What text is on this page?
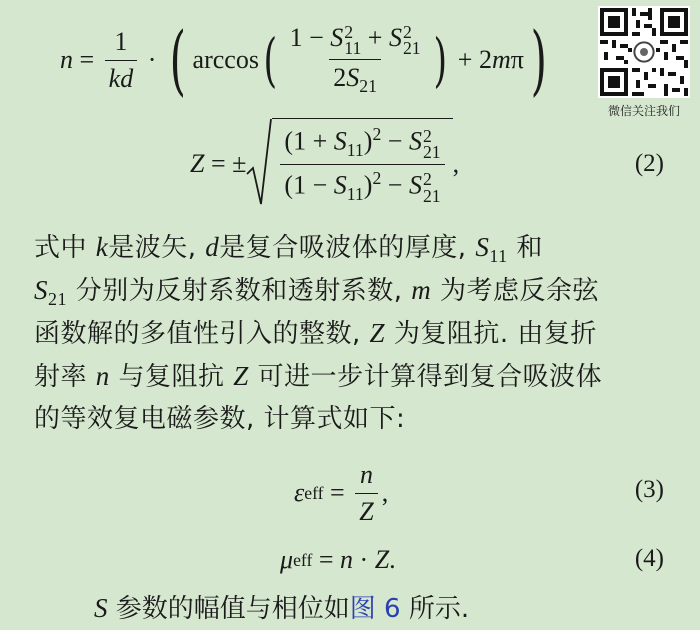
$n = \frac{1}{kd}$ · ( arccos ( 1 − S 2
11 + S 2
21
$2S_{21}$ ) + 2 m π )
微信关注我们
Z = ± $(1 + S_{11})^2 - S$ 2
21
$(1 - S_{11})^2 - S$ 2
21 ,	(2)
式中 k是波矢, d是复合吸波体的厚度, $S_{11}$ 和
$S_{21}$ 分别为反射系数和透射系数, m 为考虑反余弦
函数解的多值性引入的整数, Z 为复阻抗. 由复折
射率 n 与复阻抗 Z 可进一步计算得到复合吸波体
的等效复电磁参数, 计算式如下:
ε eff = $\frac{n}{Z}$ ,	(3)
μ eff = n · Z .	(4)
S 参数的幅值与相位如图 6 所示.
